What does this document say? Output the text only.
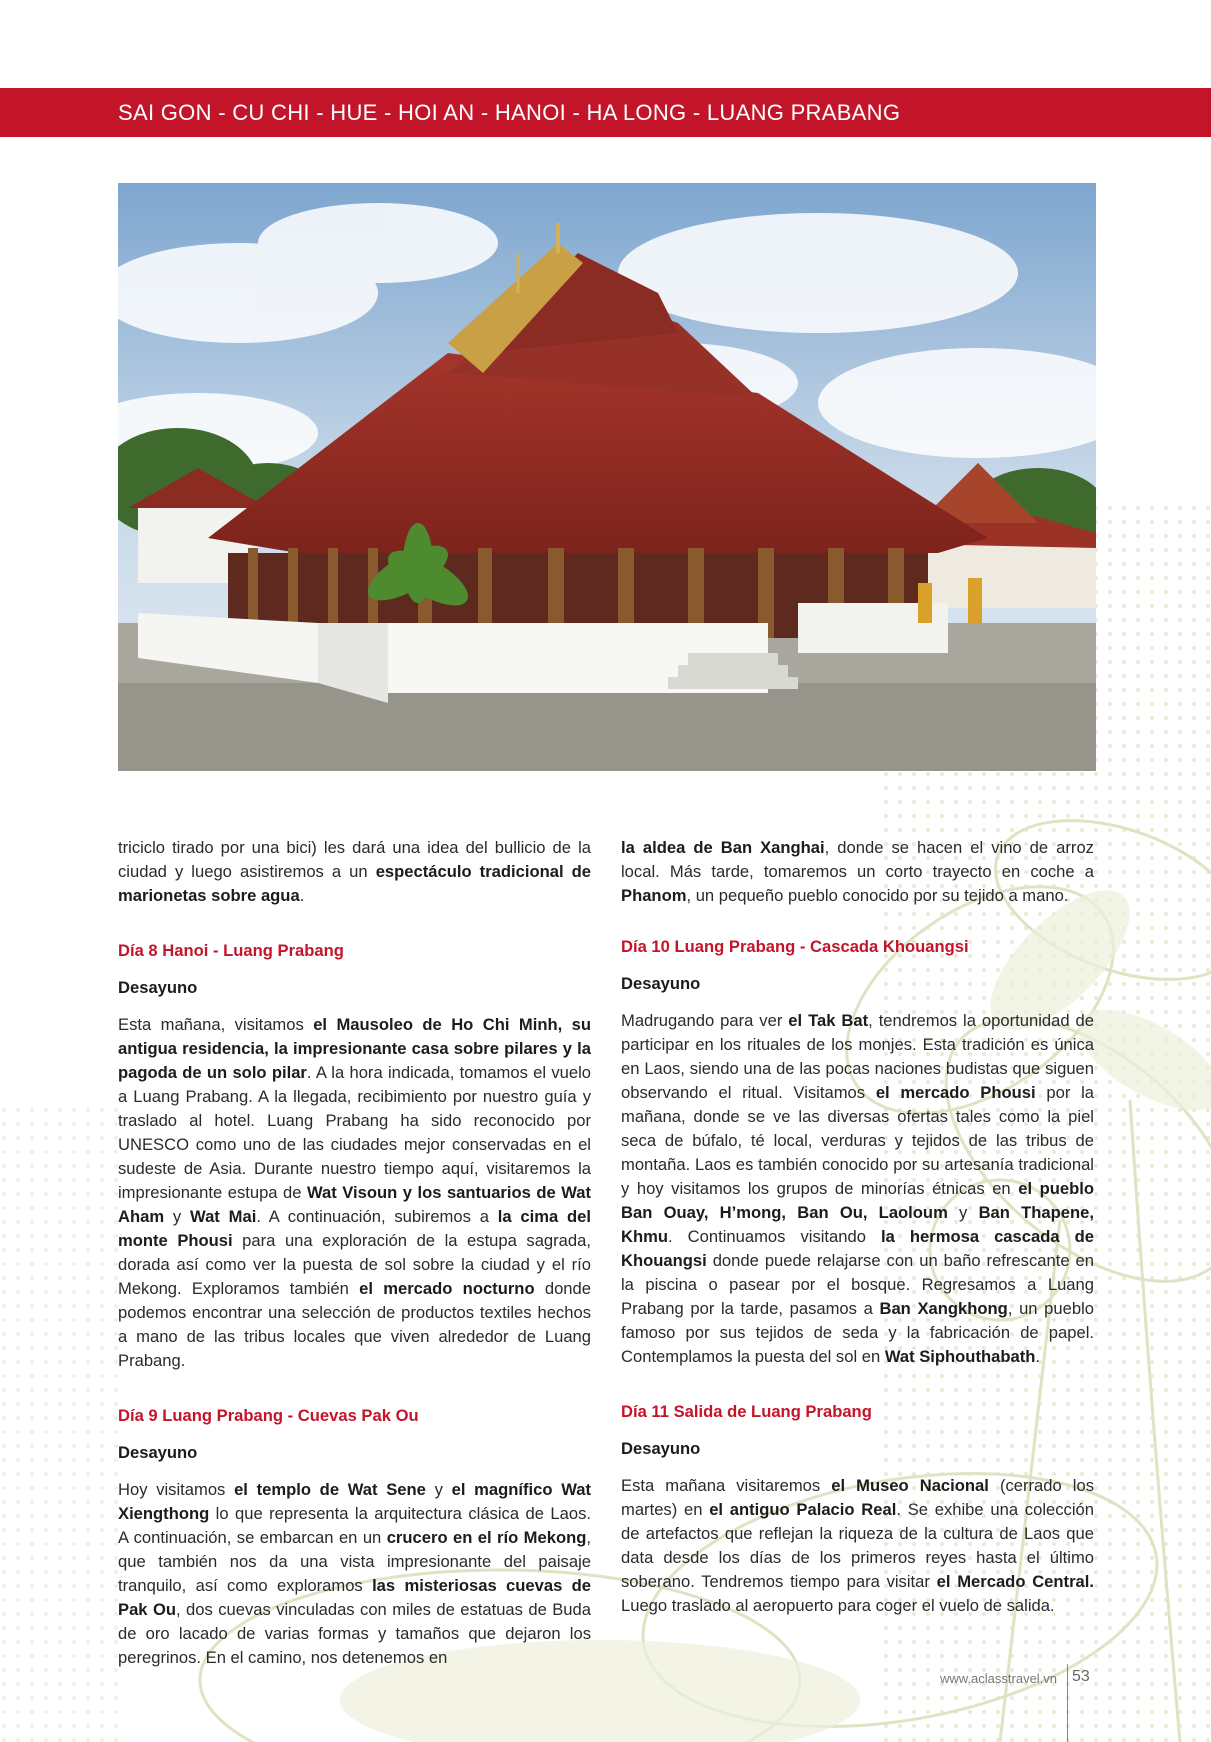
SAI GON - CU CHI - HUE - HOI AN - HANOI - HA LONG - LUANG PRABANG

triciclo tirado por una bici) les dará una idea del bullicio de la ciudad y luego asistiremos a un espectáculo tradicional de marionetas sobre agua.

Día 8 Hanoi - Luang Prabang

Desayuno

Esta mañana, visitamos el Mausoleo de Ho Chi Minh, su antigua residencia, la impresionante casa sobre pilares y la pagoda de un solo pilar. A la hora indicada, tomamos el vuelo a Luang Prabang. A la llegada, recibimiento por nuestro guía y traslado al hotel. Luang Prabang ha sido reconocido por UNESCO como uno de las ciudades mejor conservadas en el sudeste de Asia. Durante nuestro tiempo aquí, visitaremos la impresionante estupa de Wat Visoun y los santuarios de Wat Aham y Wat Mai. A continuación, subiremos a la cima del monte Phousi para una exploración de la estupa sagrada, dorada así como ver la puesta de sol sobre la ciudad y el río Mekong. Exploramos también el mercado nocturno donde podemos encontrar una selección de productos textiles hechos a mano de las tribus locales que viven alrededor de Luang Prabang.

Día 9 Luang Prabang - Cuevas Pak Ou

Desayuno

Hoy visitamos el templo de Wat Sene y el magnífico Wat Xiengthong lo que representa la arquitectura clásica de Laos. A continuación, se embarcan en un crucero en el río Mekong, que también nos da una vista impresionante del paisaje tranquilo, así como exploramos las misteriosas cuevas de Pak Ou, dos cuevas vinculadas con miles de estatuas de Buda de oro lacado de varias formas y tamaños que dejaron los peregrinos. En el camino, nos detenemos en

la aldea de Ban Xanghai, donde se hacen el vino de arroz local. Más tarde, tomaremos un corto trayecto en coche a Phanom, un pequeño pueblo conocido por su tejido a mano.

Día 10 Luang Prabang - Cascada Khouangsi

Desayuno

Madrugando para ver el Tak Bat, tendremos la oportunidad de participar en los rituales de los monjes. Esta tradición es única en Laos, siendo una de las pocas naciones budistas que siguen observando el ritual. Visitamos el mercado Phousi por la mañana, donde se ve las diversas ofertas tales como la piel seca de búfalo, té local, verduras y tejidos de las tribus de montaña. Laos es también conocido por su artesanía tradicional y hoy visitamos los grupos de minorías étnicas en el pueblo Ban Ouay, H’mong, Ban Ou, Laoloum y Ban Thapene, Khmu. Continuamos visitando la hermosa cascada de Khouangsi donde puede relajarse con un baño refrescante en la piscina o pasear por el bosque. Regresamos a Luang Prabang por la tarde, pasamos a Ban Xangkhong, un pueblo famoso por sus tejidos de seda y la fabricación de papel. Contemplamos la puesta del sol en Wat Siphouthabath.

Día 11 Salida de Luang Prabang

Desayuno

Esta mañana visitaremos el Museo Nacional (cerrado los martes) en el antiguo Palacio Real. Se exhibe una colección de artefactos que reflejan la riqueza de la cultura de Laos que data desde los días de los primeros reyes hasta el último soberano. Tendremos tiempo para visitar el Mercado Central. Luego traslado al aeropuerto para coger el vuelo de salida.

www.aclasstravel.vn 53
